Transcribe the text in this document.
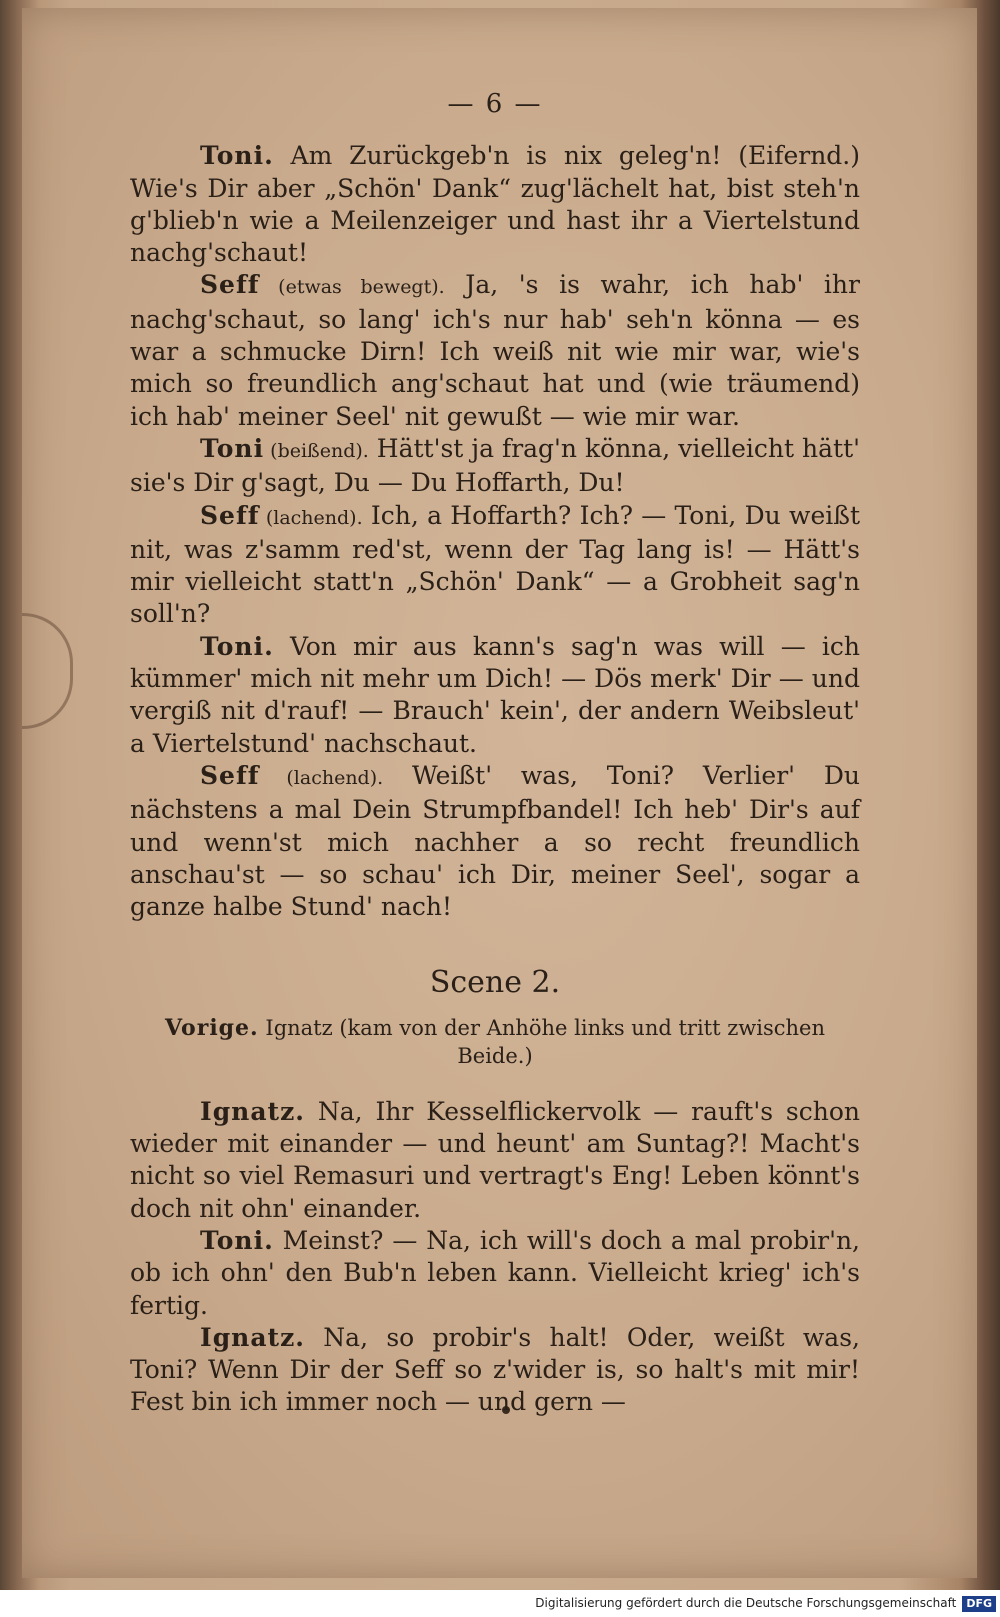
— 6 —

Toni. Am Zurückgeb'n is nix geleg'n! (Eifernd.) Wie's Dir aber „Schön' Dank“ zug'lächelt hat, bist steh'n g'blieb'n wie a Meilenzeiger und hast ihr a Viertelstund nachg'schaut!

Seff (etwas bewegt). Ja, 's is wahr, ich hab' ihr nachg'schaut, so lang' ich's nur hab' seh'n könna — es war a schmucke Dirn! Ich weiß nit wie mir war, wie's mich so freundlich ang'schaut hat und (wie träumend) ich hab' meiner Seel' nit gewußt — wie mir war.

Toni (beißend). Hätt'st ja frag'n könna, vielleicht hätt' sie's Dir g'sagt, Du — Du Hoffarth, Du!

Seff (lachend). Ich, a Hoffarth? Ich? — Toni, Du weißt nit, was z'samm red'st, wenn der Tag lang is! — Hätt's mir vielleicht statt'n „Schön' Dank“ — a Grobheit sag'n soll'n?

Toni. Von mir aus kann's sag'n was will — ich kümmer' mich nit mehr um Dich! — Dös merk' Dir — und vergiß nit d'rauf! — Brauch' kein', der andern Weibsleut' a Viertelstund' nachschaut.

Seff (lachend). Weißt' was, Toni? Verlier' Du nächstens a mal Dein Strumpfbandel! Ich heb' Dir's auf und wenn'st mich nachher a so recht freundlich anschau'st — so schau' ich Dir, meiner Seel', sogar a ganze halbe Stund' nach!

Scene 2.

Vorige. Ignatz (kam von der Anhöhe links und tritt zwischen Beide.)

Ignatz. Na, Ihr Kesselflickervolk — rauft's schon wieder mit einander — und heunt' am Suntag?! Macht's nicht so viel Remasuri und vertragt's Eng! Leben könnt's doch nit ohn' einander.

Toni. Meinst? — Na, ich will's doch a mal probir'n, ob ich ohn' den Bub'n leben kann. Vielleicht krieg' ich's fertig.

Ignatz. Na, so probir's halt! Oder, weißt was, Toni? Wenn Dir der Seff so z'wider is, so halt's mit mir! Fest bin ich immer noch — und gern —

Digitalisierung gefördert durch die Deutsche Forschungsgemeinschaft DFG
